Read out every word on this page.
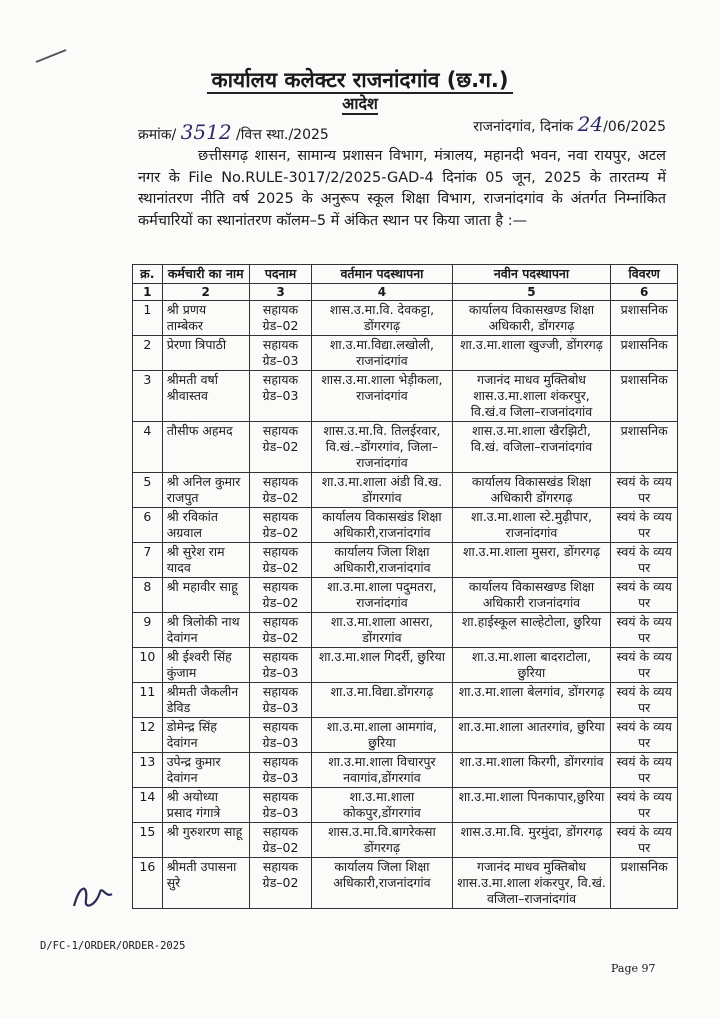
कार्यालय कलेक्टर राजनांदगांव (छ.ग.)
आदेश
क्रमांक/ 3512 /वित्त स्था./2025	राजनांदगांव, दिनांक 24/06/2025
छत्तीसगढ़ शासन, सामान्य प्रशासन विभाग, मंत्रालय, महानदी भवन, नवा रायपुर, अटल नगर के File No.RULE-3017/2/2025-GAD-4 दिनांक 05 जून, 2025 के तारतम्य में स्थानांतरण नीति वर्ष 2025 के अनुरूप स्कूल शिक्षा विभाग, राजनांदगांव के अंतर्गत निम्नांकित कर्मचारियों का स्थानांतरण कॉलम–5 में अंकित स्थान पर किया जाता है :—
क्र.	कर्मचारी का नाम	पदनाम	वर्तमान पदस्थापना	नवीन पदस्थापना	विवरण
1	2	3	4	5	6
1	श्री प्रणय ताम्बेकर	सहायक ग्रेड–02	शास.उ.मा.वि. देवकट्टा, डोंगरगढ़	कार्यालय विकासखण्ड शिक्षा अधिकारी, डोंगरगढ़	प्रशासनिक
2	प्रेरणा त्रिपाठी	सहायक ग्रेड–03	शा.उ.मा.विद्या.लखोली, राजनांदगांव	शा.उ.मा.शाला खुज्जी, डोंगरगढ़	प्रशासनिक
3	श्रीमती वर्षा श्रीवास्तव	सहायक ग्रेड–03	शास.उ.मा.शाला भेड़ीकला, राजनांदगांव	गजानंद माधव मुक्तिबोध शास.उ.मा.शाला शंकरपुर, वि.खं.व जिला–राजनांदगांव	प्रशासनिक
4	तौसीफ अहमद	सहायक ग्रेड–02	शास.उ.मा.वि. तिलईरवार, वि.खं.–डोंगरगांव, जिला–राजनांदगांव	शास.उ.मा.शाला खैरझिटी, वि.खं. वजिला–राजनांदगांव	प्रशासनिक
5	श्री अनिल कुमार राजपुत	सहायक ग्रेड–02	शा.उ.मा.शाला अंडी वि.ख. डोंगरगांव	कार्यालय विकासखंड शिक्षा अधिकारी डोंगरगढ़	स्वयं के व्यय पर
6	श्री रविकांत अग्रवाल	सहायक ग्रेड–02	कार्यालय विकासखंड शिक्षा अधिकारी,राजनांदगांव	शा.उ.मा.शाला स्टे.मुढ़ीपार, राजनांदगांव	स्वयं के व्यय पर
7	श्री सुरेश राम यादव	सहायक ग्रेड–02	कार्यालय जिला शिक्षा अधिकारी,राजनांदगांव	शा.उ.मा.शाला मुसरा, डोंगरगढ़	स्वयं के व्यय पर
8	श्री महावीर साहू	सहायक ग्रेड–02	शा.उ.मा.शाला पदुमतरा, राजनांदगांव	कार्यालय विकासखण्ड शिक्षा अधिकारी राजनांदगांव	स्वयं के व्यय पर
9	श्री त्रिलोकी नाथ देवांगन	सहायक ग्रेड–02	शा.उ.मा.शाला आसरा, डोंगरगांव	शा.हाईस्कूल साल्हेटोला, छुरिया	स्वयं के व्यय पर
10	श्री ईश्वरी सिंह कुंजाम	सहायक ग्रेड–03	शा.उ.मा.शाल गिदर्री, छुरिया	शा.उ.मा.शाला बादराटोला, छुरिया	स्वयं के व्यय पर
11	श्रीमती जैकलीन डेविड	सहायक ग्रेड–03	शा.उ.मा.विद्या.डोंगरगढ़	शा.उ.मा.शाला बेलगांव, डोंगरगढ़	स्वयं के व्यय पर
12	डोमेन्द्र सिंह देवांगन	सहायक ग्रेड–03	शा.उ.मा.शाला आमगांव, छुरिया	शा.उ.मा.शाला आतरगांव, छुरिया	स्वयं के व्यय पर
13	उपेन्द्र कुमार देवांगन	सहायक ग्रेड–03	शा.उ.मा.शाला विचारपुर नवागांव,डोंगरगांव	शा.उ.मा.शाला किरगी, डोंगरगांव	स्वयं के व्यय पर
14	श्री अयोध्या प्रसाद गंगात्रे	सहायक ग्रेड–03	शा.उ.मा.शाला कोकपुर,डोंगरगांव	शा.उ.मा.शाला पिनकापार,छुरिया	स्वयं के व्यय पर
15	श्री गुरुशरण साहू	सहायक ग्रेड–02	शास.उ.मा.वि.बागरेकसा डोंगरगढ़	शास.उ.मा.वि. मुरमुंदा, डोंगरगढ़	स्वयं के व्यय पर
16	श्रीमती उपासना सुरे	सहायक ग्रेड–02	कार्यालय जिला शिक्षा अधिकारी,राजनांदगांव	गजानंद माधव मुक्तिबोध शास.उ.मा.शाला शंकरपुर, वि.खं. वजिला–राजनांदगांव	प्रशासनिक
D/FC-1/ORDER/ORDER-2025
Page 97
